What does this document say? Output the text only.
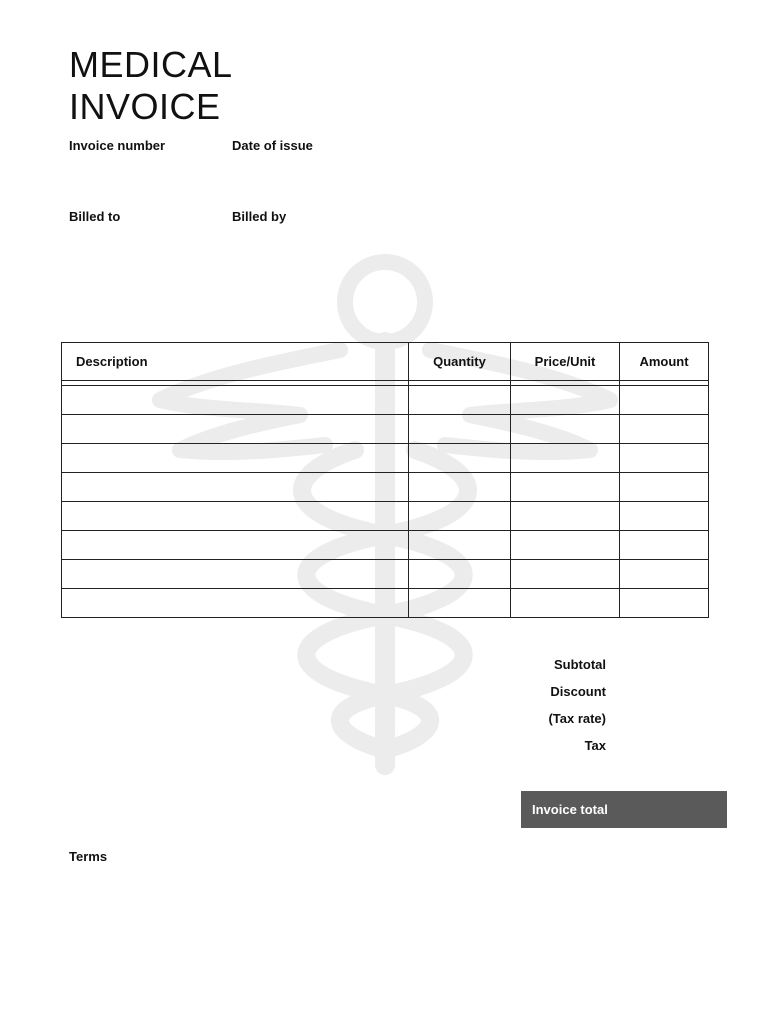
MEDICAL
INVOICE
Invoice number	Date of issue
Billed to	Billed by
Description	Quantity	Price/Unit	Amount

Subtotal
Discount
(Tax rate)
Tax
Invoice total
Terms
